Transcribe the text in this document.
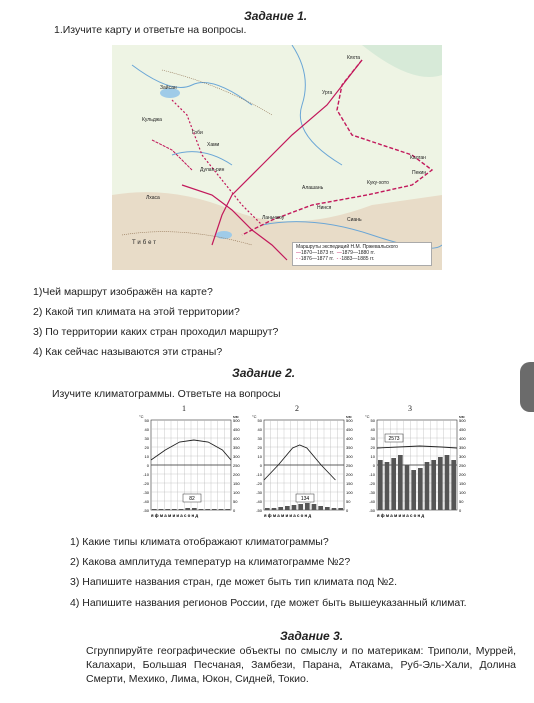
Задание 1.
1.Изучите карту и ответьте на вопросы.
Кяхта
Урга
Калган
Пекин
Зайсан
Кульджа
Гоби
Хами
Дулан-рин
Лхаса
Ланьчжоу
Алашань
Нинся
Сиань
Тибет
Куку-хото
Маршруты экспедиций Н.М. Пржевальского
—1870—1873 гг. —1879—1880 гг.
- -1876—1877 гг. - -1883—1885 гг.
1)Чей маршрут изображён на карте?
2) Какой тип климата на этой территории?
3) По территории каких стран проходил маршрут?
4) Как сейчас называются эти страны?
Задание 2.
Изучите климатограммы. Ответьте на вопросы
1	2	3
50
40
30
20
10
0
-10
-20
-30
-40
-50
500
450
400
350
300
250
200
150
100
50
0
°C	мм
82
я ф м а м и и а с о н д
50
40
30
20
10
0
-10
-20
-30
-40
-50
500
450
400
350
300
250
200
150
100
50
0
°C	мм
134
я ф м а м и и а с о н д
50
40
30
20
10
0
-10
-20
-30
-40
-50
500
450
400
350
300
250
200
150
100
50
0
°C	мм
2573
я ф м а м и и а с о н д
1) Какие типы климата отображают климатограммы?
2) Какова амплитуда температур на климатограмме №2?
3) Напишите названия стран, где может быть тип климата под №2.
4) Напишите названия регионов России, где может быть вышеуказанный климат.
Задание 3.
Сгруппируйте географические объекты по смыслу и по материкам: Триполи, Муррей, Калахари, Большая Песчаная, Замбези, Парана, Атакама, Руб-Эль-Хали, Долина Смерти, Мехико, Лима, Юкон, Сидней, Токио.
